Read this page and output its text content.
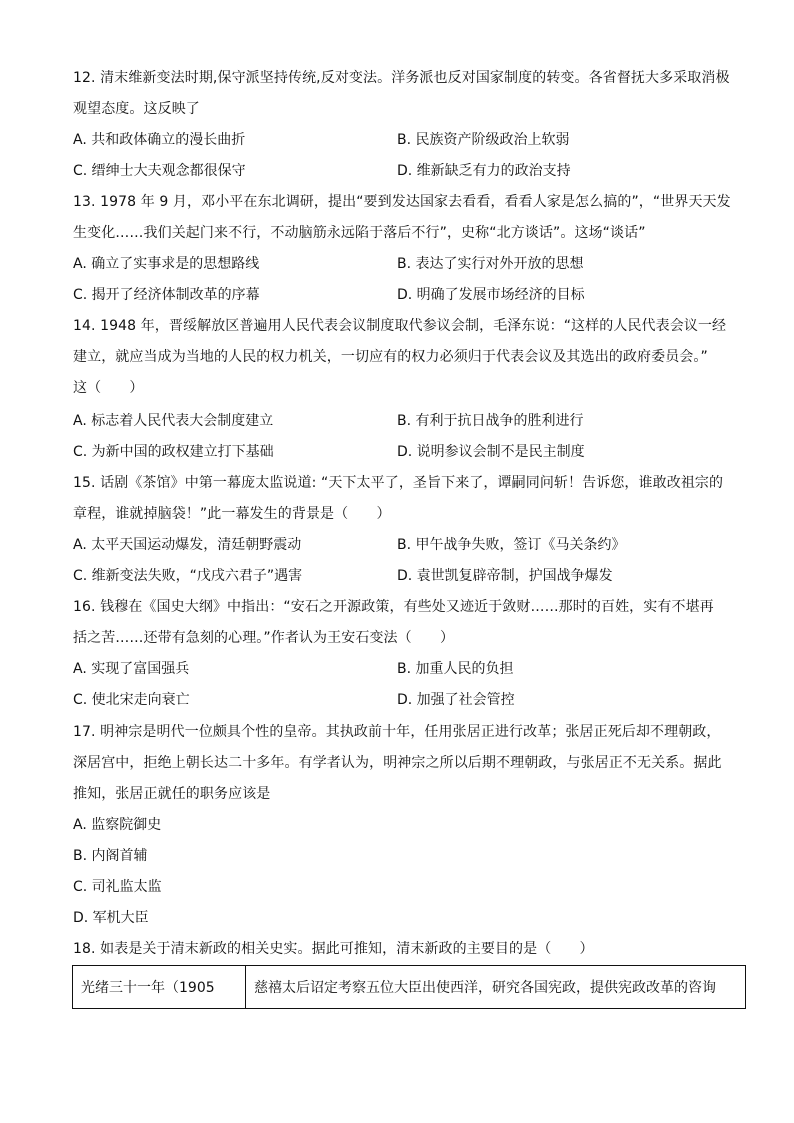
12. 清末维新变法时期,保守派坚持传统,反对变法。洋务派也反对国家制度的转变。各省督抚大多采取消极
观望态度。这反映了
A. 共和政体确立的漫长曲折	B. 民族资产阶级政治上软弱
C. 缙绅士大夫观念都很保守	D. 维新缺乏有力的政治支持
13. 1978 年 9 月，邓小平在东北调研，提出“要到发达国家去看看，看看人家是怎么搞的”，“世界天天发
生变化……我们关起门来不行，不动脑筋永远陷于落后不行”，史称“北方谈话”。这场“谈话”
A. 确立了实事求是的思想路线	B. 表达了实行对外开放的思想
C. 揭开了经济体制改革的序幕	D. 明确了发展市场经济的目标
14. 1948 年，晋绥解放区普遍用人民代表会议制度取代参议会制，毛泽东说：“这样的人民代表会议一经
建立，就应当成为当地的人民的权力机关，一切应有的权力必须归于代表会议及其选出的政府委员会。”
这（　　）
A. 标志着人民代表大会制度建立	B. 有利于抗日战争的胜利进行
C. 为新中国的政权建立打下基础	D. 说明参议会制不是民主制度
15. 话剧《茶馆》中第一幕庞太监说道: “天下太平了，圣旨下来了，谭嗣同问斩！告诉您，谁敢改祖宗的
章程，谁就掉脑袋！”此一幕发生的背景是（　　）
A. 太平天国运动爆发，清廷朝野震动	B. 甲午战争失败，签订《马关条约》
C. 维新变法失败，“戊戌六君子”遇害	D. 袁世凯复辟帝制，护国战争爆发
16. 钱穆在《国史大纲》中指出：“安石之开源政策，有些处又迹近于敛财……那时的百姓，实有不堪再
括之苦……还带有急刻的心理。”作者认为王安石变法（　　）
A. 实现了富国强兵	B. 加重人民的负担
C. 使北宋走向衰亡	D. 加强了社会管控
17. 明神宗是明代一位颇具个性的皇帝。其执政前十年，任用张居正进行改革；张居正死后却不理朝政，
深居宫中，拒绝上朝长达二十多年。有学者认为，明神宗之所以后期不理朝政，与张居正不无关系。据此
推知，张居正就任的职务应该是
A. 监察院御史
B. 内阁首辅
C. 司礼监太监
D. 军机大臣
18. 如表是关于清末新政的相关史实。据此可推知，清末新政的主要目的是（　　）
光绪三十一年（1905	慈禧太后诏定考察五位大臣出使西洋，研究各国宪政，提供宪政改革的咨询
